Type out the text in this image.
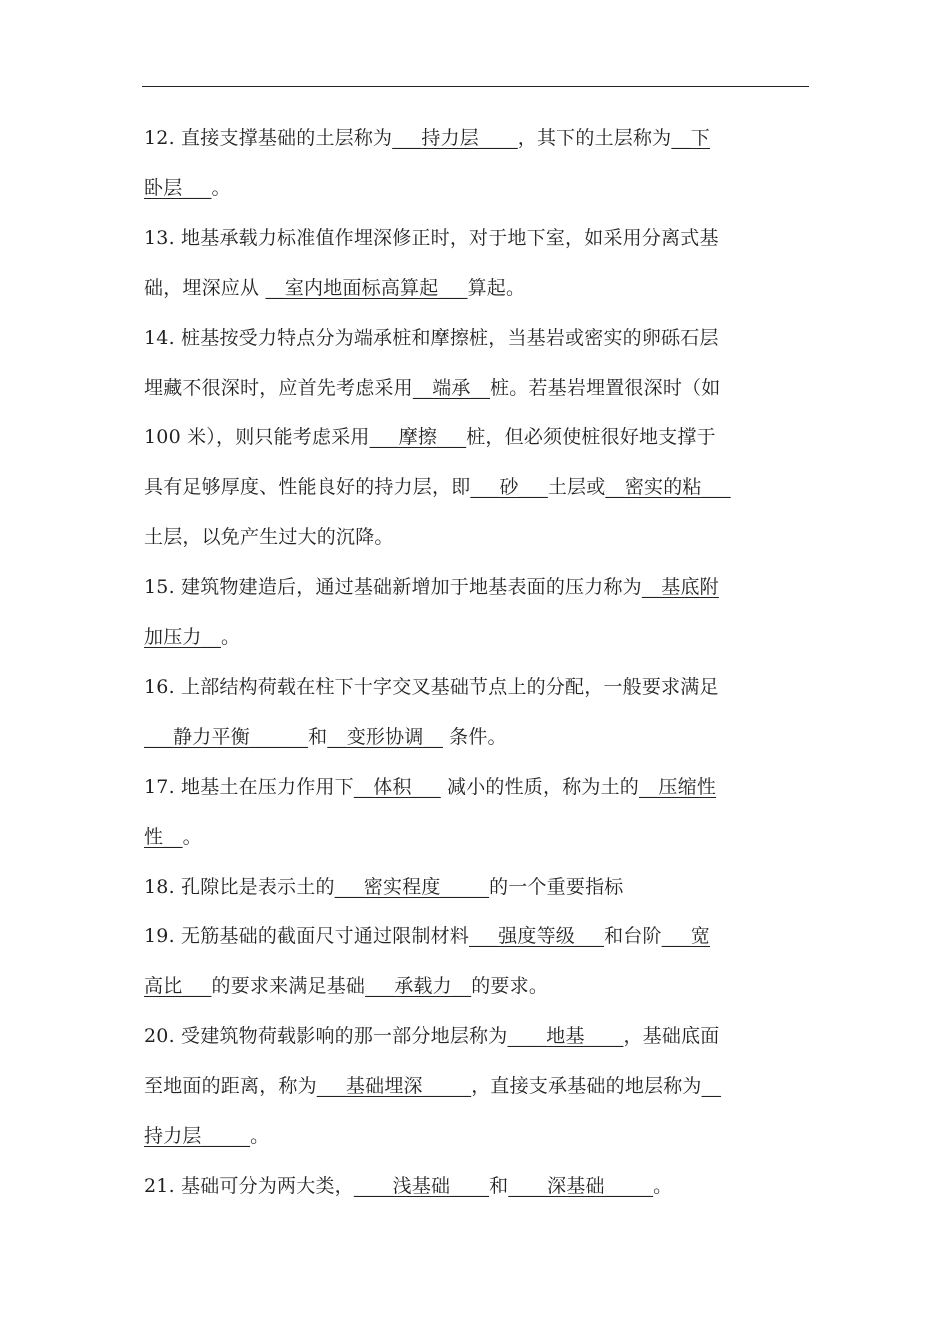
12. 直接支撑基础的土层称为___持力层____，其下的土层称为__下
卧层___。
13. 地基承载力标准值作埋深修正时，对于地下室，如采用分离式基
础，埋深应从 __室内地面标高算起___算起。
14. 桩基按受力特点分为端承桩和摩擦桩，当基岩或密实的卵砾石层
埋藏不很深时，应首先考虑采用__端承__桩。若基岩埋置很深时（如
100 米），则只能考虑采用___摩擦___桩，但必须使桩很好地支撑于
具有足够厚度、性能良好的持力层，即___砂___土层或__密实的粘___
土层，以免产生过大的沉降。
15. 建筑物建造后，通过基础新增加于地基表面的压力称为__基底附
加压力__。
16. 上部结构荷载在柱下十字交叉基础节点上的分配，一般要求满足
___静力平衡______和__变形协调__ 条件。
17. 地基土在压力作用下__体积___ 减小的性质，称为土的__压缩性
性__。
18. 孔隙比是表示土的___密实程度_____的一个重要指标
19. 无筋基础的截面尺寸通过限制材料___强度等级___和台阶___宽
高比___的要求来满足基础___承载力__的要求。
20. 受建筑物荷载影响的那一部分地层称为____地基____，基础底面
至地面的距离，称为___基础埋深_____，直接支承基础的地层称为__
持力层_____。
21. 基础可分为两大类，____浅基础____和____深基础_____。
